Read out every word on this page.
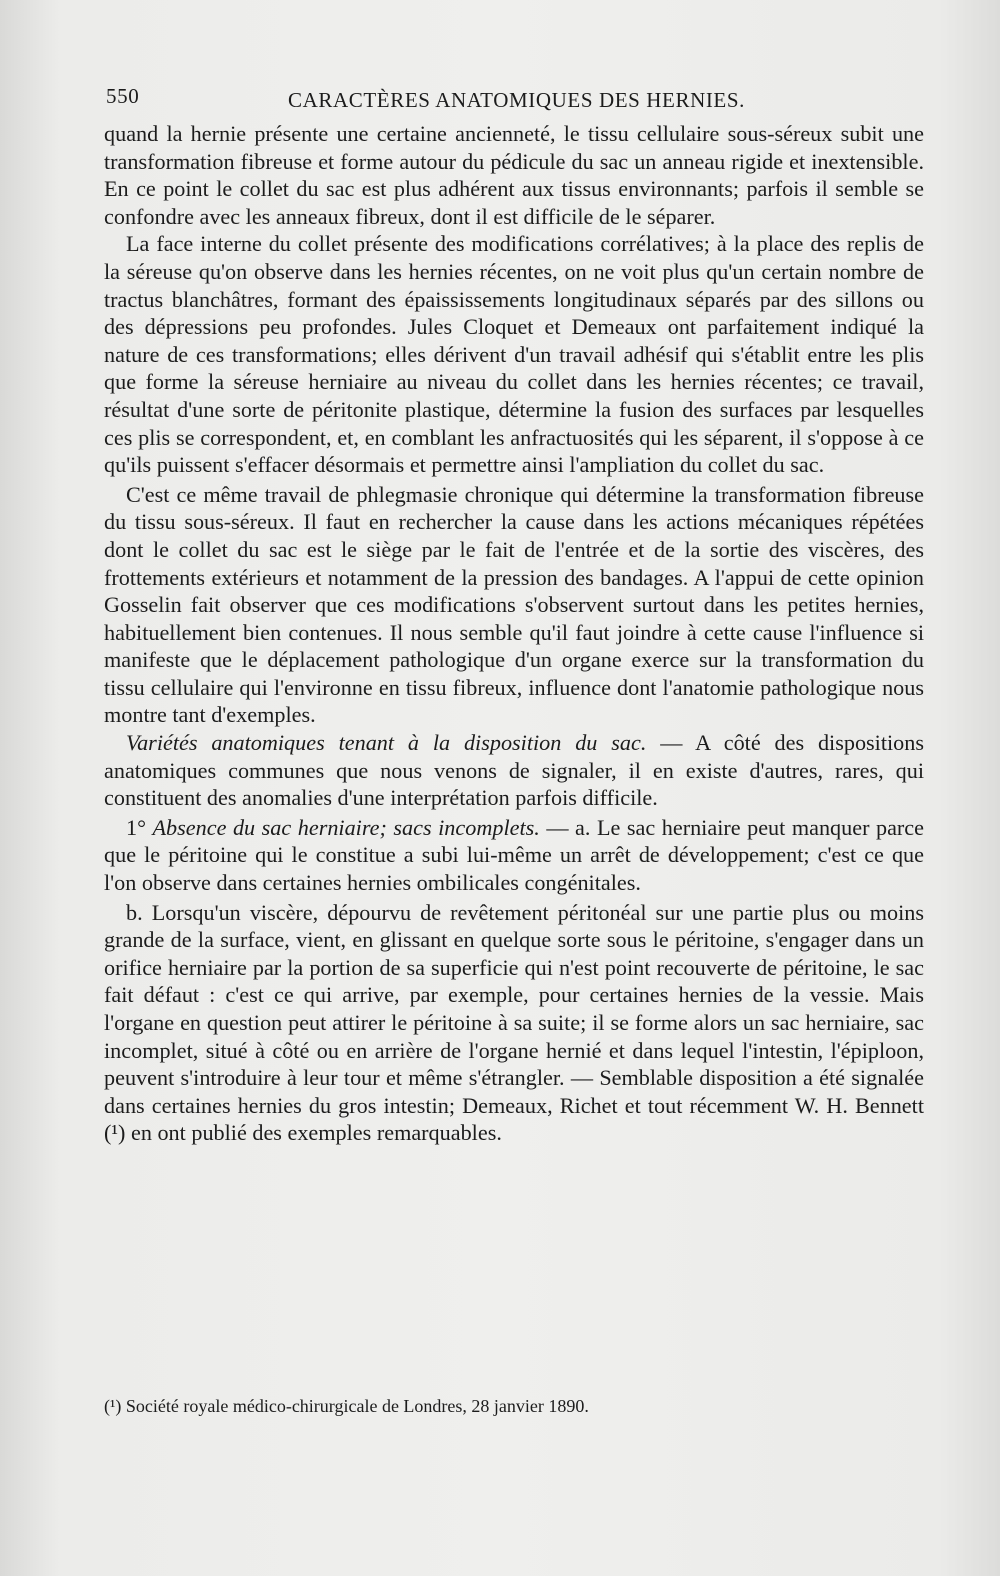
550	CARACTÈRES ANATOMIQUES DES HERNIES.

quand la hernie présente une certaine ancienneté, le tissu cellulaire sous-séreux subit une transformation fibreuse et forme autour du pédicule du sac un anneau rigide et inextensible. En ce point le collet du sac est plus adhérent aux tissus environnants; parfois il semble se confondre avec les anneaux fibreux, dont il est difficile de le séparer.

La face interne du collet présente des modifications corrélatives; à la place des replis de la séreuse qu'on observe dans les hernies récentes, on ne voit plus qu'un certain nombre de tractus blanchâtres, formant des épaississements longitudinaux séparés par des sillons ou des dépressions peu profondes. Jules Cloquet et Demeaux ont parfaitement indiqué la nature de ces transformations; elles dérivent d'un travail adhésif qui s'établit entre les plis que forme la séreuse herniaire au niveau du collet dans les hernies récentes; ce travail, résultat d'une sorte de péritonite plastique, détermine la fusion des surfaces par lesquelles ces plis se correspondent, et, en comblant les anfractuosités qui les séparent, il s'oppose à ce qu'ils puissent s'effacer désormais et permettre ainsi l'ampliation du collet du sac.

C'est ce même travail de phlegmasie chronique qui détermine la transformation fibreuse du tissu sous-séreux. Il faut en rechercher la cause dans les actions mécaniques répétées dont le collet du sac est le siège par le fait de l'entrée et de la sortie des viscères, des frottements extérieurs et notamment de la pression des bandages. A l'appui de cette opinion Gosselin fait observer que ces modifications s'observent surtout dans les petites hernies, habituellement bien contenues. Il nous semble qu'il faut joindre à cette cause l'influence si manifeste que le déplacement pathologique d'un organe exerce sur la transformation du tissu cellulaire qui l'environne en tissu fibreux, influence dont l'anatomie pathologique nous montre tant d'exemples.

Variétés anatomiques tenant à la disposition du sac. — A côté des dispositions anatomiques communes que nous venons de signaler, il en existe d'autres, rares, qui constituent des anomalies d'une interprétation parfois difficile.

1° Absence du sac herniaire; sacs incomplets. — a. Le sac herniaire peut manquer parce que le péritoine qui le constitue a subi lui-même un arrêt de développement; c'est ce que l'on observe dans certaines hernies ombilicales congénitales.

b. Lorsqu'un viscère, dépourvu de revêtement péritonéal sur une partie plus ou moins grande de la surface, vient, en glissant en quelque sorte sous le péritoine, s'engager dans un orifice herniaire par la portion de sa superficie qui n'est point recouverte de péritoine, le sac fait défaut : c'est ce qui arrive, par exemple, pour certaines hernies de la vessie. Mais l'organe en question peut attirer le péritoine à sa suite; il se forme alors un sac herniaire, sac incomplet, situé à côté ou en arrière de l'organe hernié et dans lequel l'intestin, l'épiploon, peuvent s'introduire à leur tour et même s'étrangler. — Semblable disposition a été signalée dans certaines hernies du gros intestin; Demeaux, Richet et tout récemment W. H. Bennett (¹) en ont publié des exemples remarquables.

(¹) Société royale médico-chirurgicale de Londres, 28 janvier 1890.
